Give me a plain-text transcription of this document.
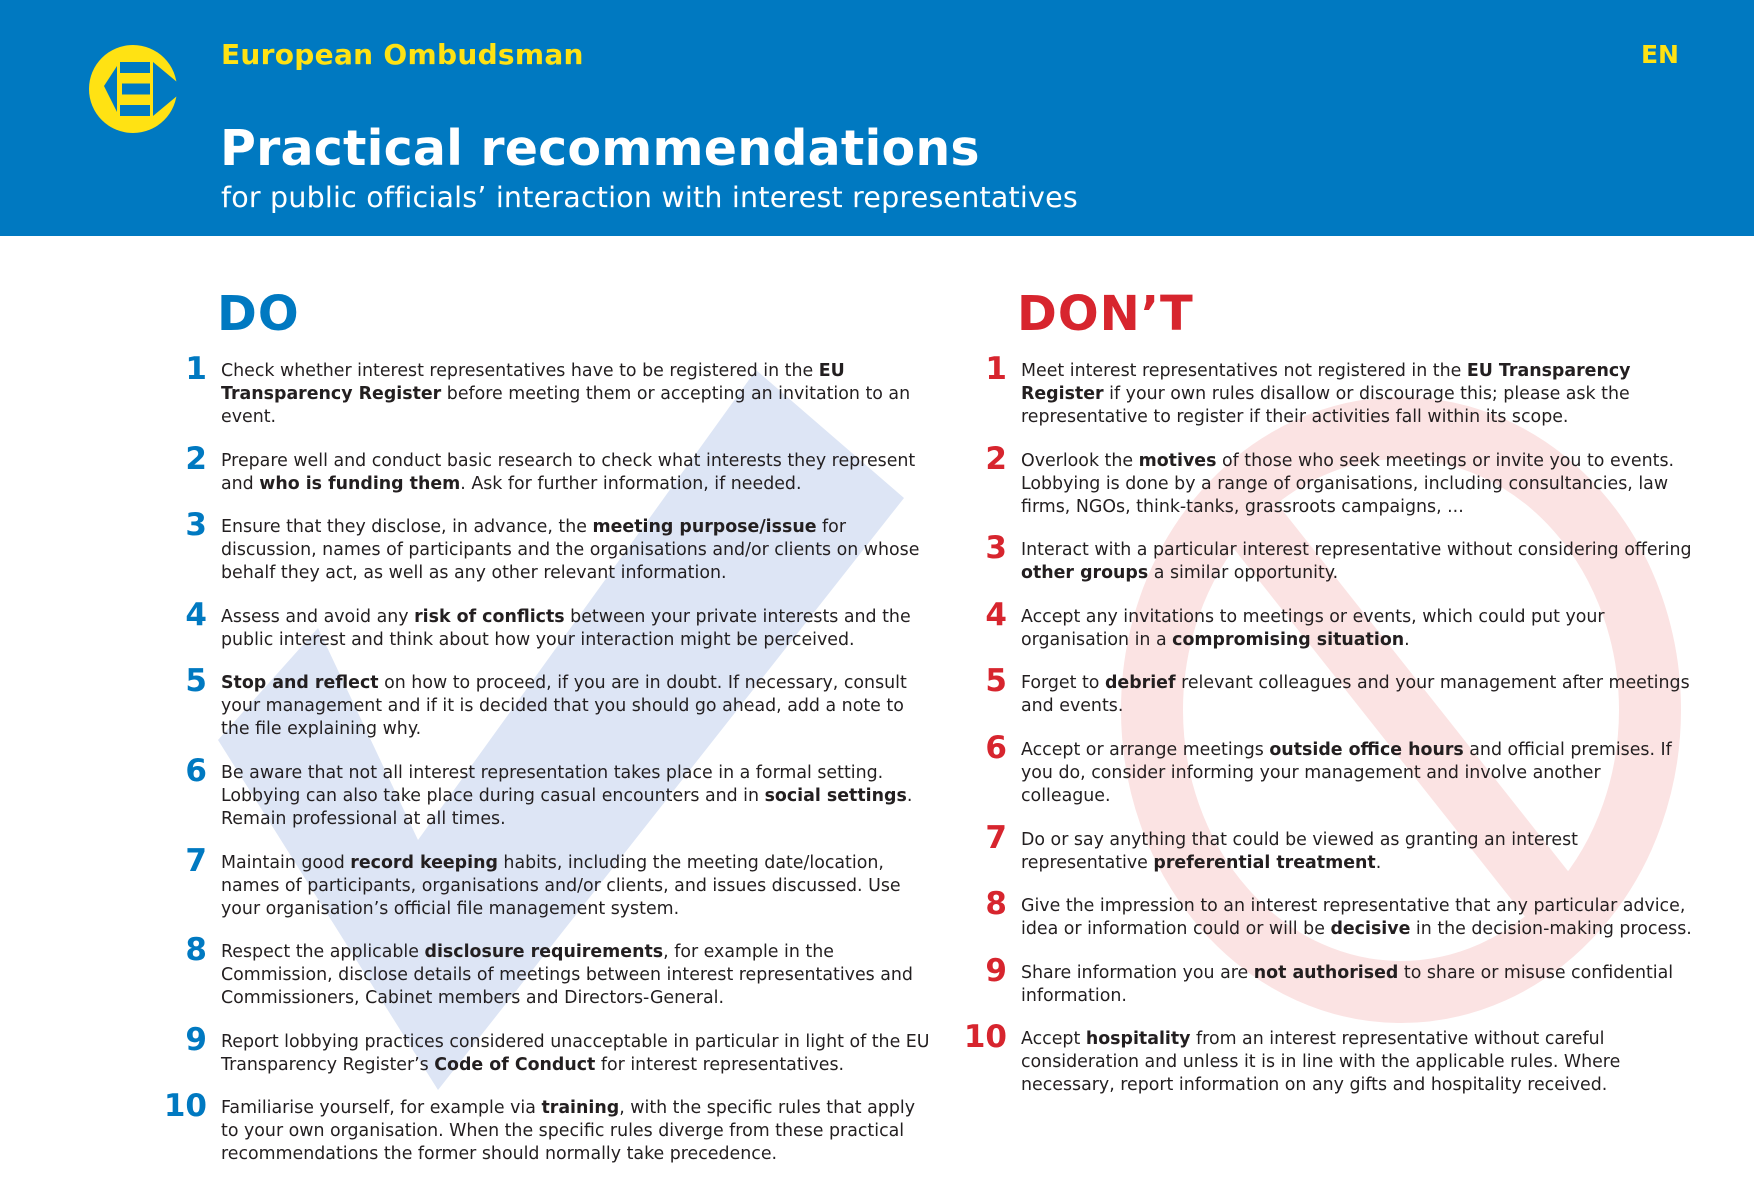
European Ombudsman	EN
Practical recommendations
for public officials’ interaction with interest representatives
DO	DON’T
1 Check whether interest representatives have to be registered in the EU Transparency Register before meeting them or accepting an invitation to an event.
2 Prepare well and conduct basic research to check what interests they represent and who is funding them. Ask for further information, if needed.
3 Ensure that they disclose, in advance, the meeting purpose/issue for discussion, names of participants and the organisations and/or clients on whose behalf they act, as well as any other relevant information.
4 Assess and avoid any risk of conflicts between your private interests and the public interest and think about how your interaction might be perceived.
5 Stop and reflect on how to proceed, if you are in doubt. If necessary, consult your management and if it is decided that you should go ahead, add a note to the file explaining why.
6 Be aware that not all interest representation takes place in a formal setting. Lobbying can also take place during casual encounters and in social settings. Remain professional at all times.
7 Maintain good record keeping habits, including the meeting date/location, names of participants, organisations and/or clients, and issues discussed. Use your organisation’s official file management system.
8 Respect the applicable disclosure requirements, for example in the Commission, disclose details of meetings between interest representatives and Commissioners, Cabinet members and Directors-General.
9 Report lobbying practices considered unacceptable in particular in light of the EU Transparency Register’s Code of Conduct for interest representatives.
10 Familiarise yourself, for example via training, with the specific rules that apply to your own organisation. When the specific rules diverge from these practical recommendations the former should normally take precedence.
1 Meet interest representatives not registered in the EU Transparency Register if your own rules disallow or discourage this; please ask the representative to register if their activities fall within its scope.
2 Overlook the motives of those who seek meetings or invite you to events. Lobbying is done by a range of organisations, including consultancies, law firms, NGOs, think-tanks, grassroots campaigns, ...
3 Interact with a particular interest representative without considering offering other groups a similar opportunity.
4 Accept any invitations to meetings or events, which could put your organisation in a compromising situation.
5 Forget to debrief relevant colleagues and your management after meetings and events.
6 Accept or arrange meetings outside office hours and official premises. If you do, consider informing your management and involve another colleague.
7 Do or say anything that could be viewed as granting an interest representative preferential treatment.
8 Give the impression to an interest representative that any particular advice, idea or information could or will be decisive in the decision-making process.
9 Share information you are not authorised to share or misuse confidential information.
10 Accept hospitality from an interest representative without careful consideration and unless it is in line with the applicable rules. Where necessary, report information on any gifts and hospitality received.
